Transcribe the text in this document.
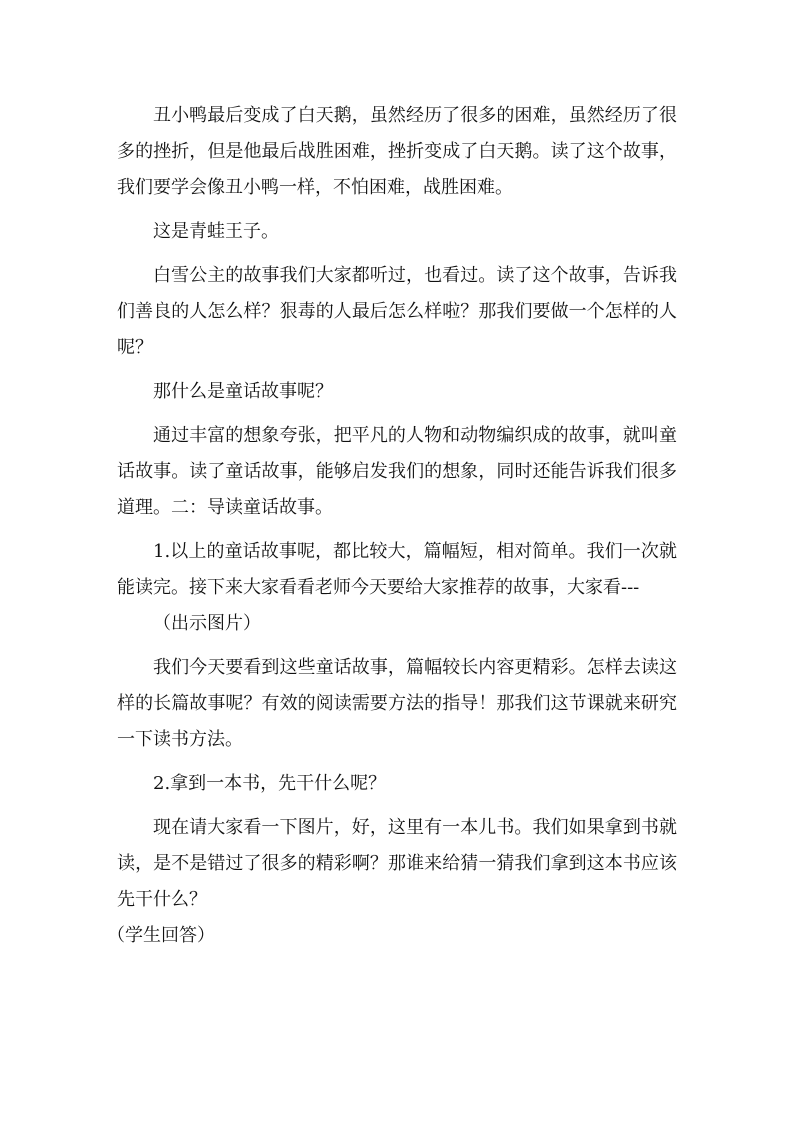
丑小鸭最后变成了白天鹅，虽然经历了很多的困难，虽然经历了很多的挫折，但是他最后战胜困难，挫折变成了白天鹅。读了这个故事，我们要学会像丑小鸭一样，不怕困难，战胜困难。

这是青蛙王子。

白雪公主的故事我们大家都听过，也看过。读了这个故事，告诉我们善良的人怎么样？狠毒的人最后怎么样啦？那我们要做一个怎样的人呢？

那什么是童话故事呢？

通过丰富的想象夸张，把平凡的人物和动物编织成的故事，就叫童话故事。读了童话故事，能够启发我们的想象，同时还能告诉我们很多道理。二：导读童话故事。

1.以上的童话故事呢，都比较大，篇幅短，相对简单。我们一次就能读完。接下来大家看看老师今天要给大家推荐的故事，大家看---

（出示图片）

我们今天要看到这些童话故事，篇幅较长内容更精彩。怎样去读这样的长篇故事呢？有效的阅读需要方法的指导！那我们这节课就来研究一下读书方法。

2.拿到一本书，先干什么呢？

现在请大家看一下图片，好，这里有一本儿书。我们如果拿到书就读，是不是错过了很多的精彩啊？那谁来给猜一猜我们拿到这本书应该先干什么？

（学生回答）
